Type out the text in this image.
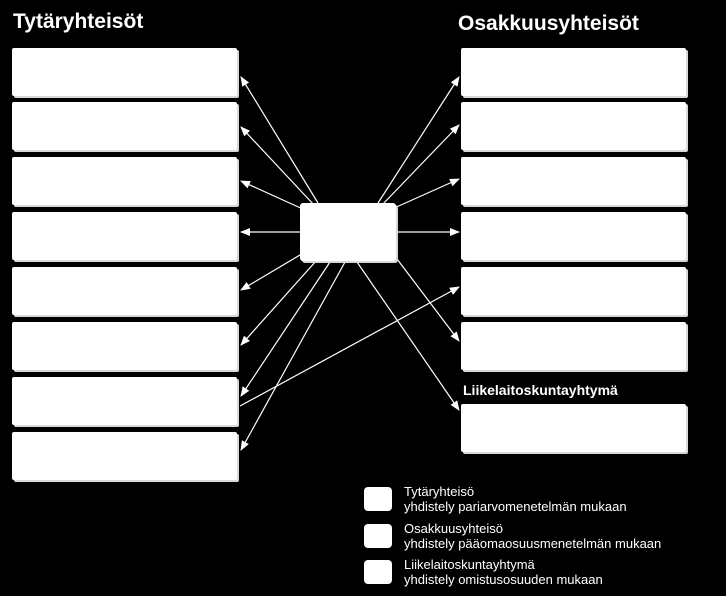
Tytäryhteisöt	Osakkuusyhteisöt
Liikelaitoskuntayhtymä
Tytäryhteisö
yhdistely pariarvomenetelmän mukaan
Osakkuusyhteisö
yhdistely pääomaosuusmenetelmän mukaan
Liikelaitoskuntayhtymä
yhdistely omistusosuuden mukaan
